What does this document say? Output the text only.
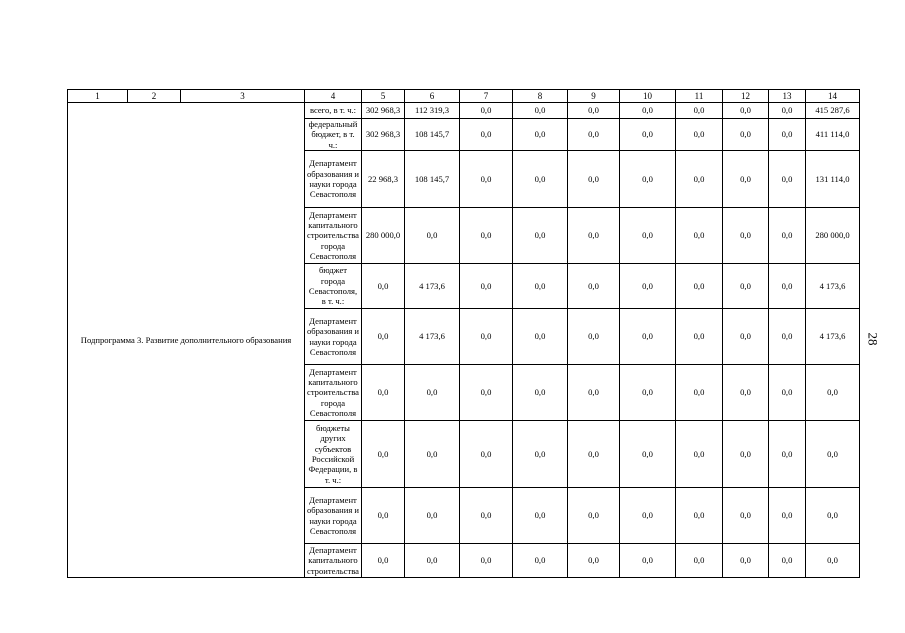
1	2	3	4	5	6	7	8	9	10	11	12	13	14
Подпрограмма 3. Развитие дополнительного образования			всего, в т. ч.:	302 968,3	112 319,3	0,0	0,0	0,0	0,0	0,0	0,0	0,0	415 287,6
			федеральный бюджет, в т. ч.:	302 968,3	108 145,7	0,0	0,0	0,0	0,0	0,0	0,0	0,0	411 114,0
			Департамент образования и науки города Севастополя	22 968,3	108 145,7	0,0	0,0	0,0	0,0	0,0	0,0	0,0	131 114,0
			Департамент капитального строительства города Севастополя	280 000,0	0,0	0,0	0,0	0,0	0,0	0,0	0,0	0,0	280 000,0
			бюджет города Севастополя, в т. ч.:	0,0	4 173,6	0,0	0,0	0,0	0,0	0,0	0,0	0,0	4 173,6
			Департамент образования и науки города Севастополя	0,0	4 173,6	0,0	0,0	0,0	0,0	0,0	0,0	0,0	4 173,6
			Департамент капитального строительства города Севастополя	0,0	0,0	0,0	0,0	0,0	0,0	0,0	0,0	0,0	0,0
			бюджеты других субъектов Российской Федерации, в т. ч.:	0,0	0,0	0,0	0,0	0,0	0,0	0,0	0,0	0,0	0,0
			Департамент образования и науки города Севастополя	0,0	0,0	0,0	0,0	0,0	0,0	0,0	0,0	0,0	0,0
			Департамент капитального строительства	0,0	0,0	0,0	0,0	0,0	0,0	0,0	0,0	0,0	0,0
28
